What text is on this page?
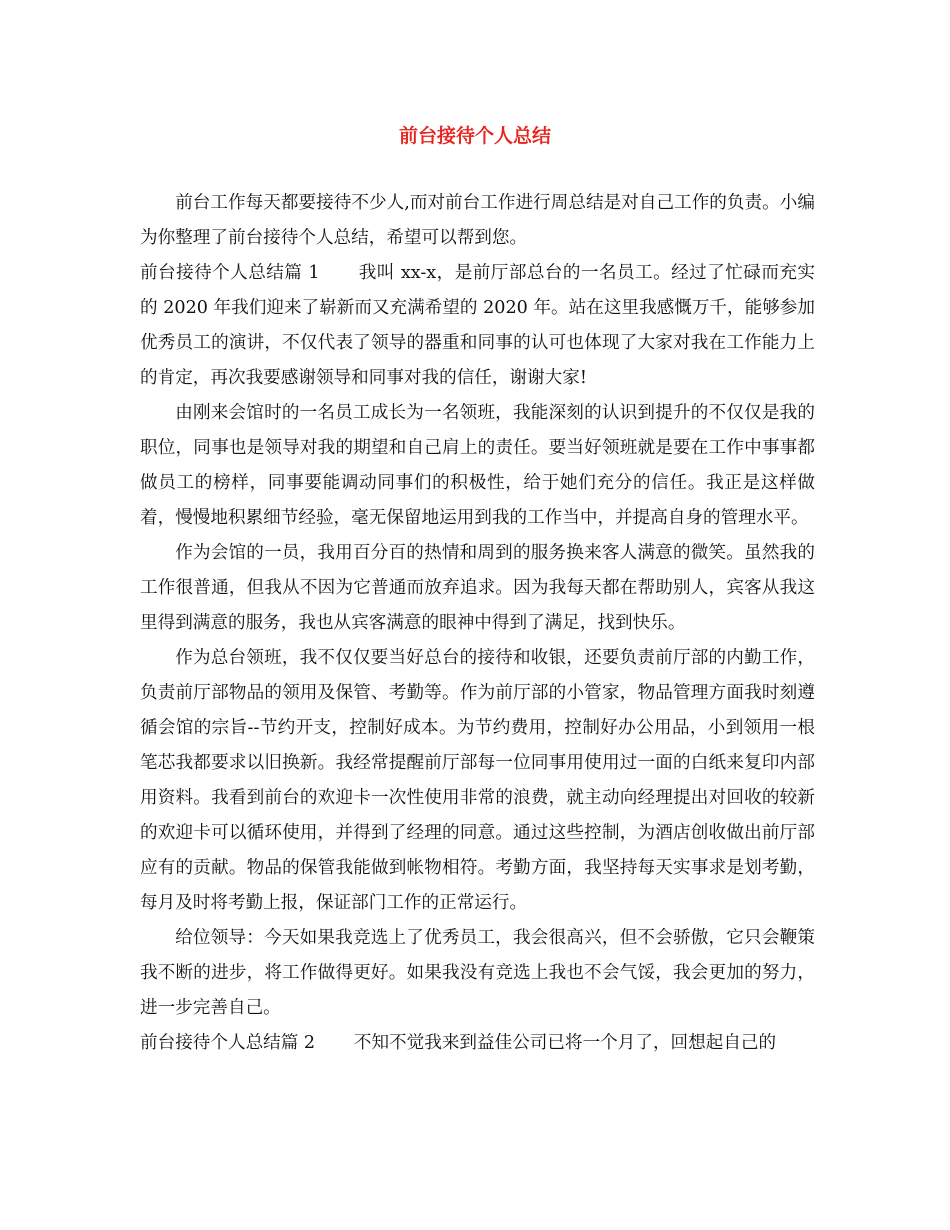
前台接待个人总结

前台工作每天都要接待不少人,而对前台工作进行周总结是对自己工作的负责。小编为你整理了前台接待个人总结，希望可以帮到您。

前台接待个人总结篇 1 我叫 xx-x，是前厅部总台的一名员工。经过了忙碌而充实的 2020 年我们迎来了崭新而又充满希望的 2020 年。站在这里我感慨万千，能够参加优秀员工的演讲，不仅代表了领导的器重和同事的认可也体现了大家对我在工作能力上的肯定，再次我要感谢领导和同事对我的信任，谢谢大家!

由刚来会馆时的一名员工成长为一名领班，我能深刻的认识到提升的不仅仅是我的职位，同事也是领导对我的期望和自己肩上的责任。要当好领班就是要在工作中事事都做员工的榜样，同事要能调动同事们的积极性，给于她们充分的信任。我正是这样做着，慢慢地积累细节经验，毫无保留地运用到我的工作当中，并提高自身的管理水平。

作为会馆的一员，我用百分百的热情和周到的服务换来客人满意的微笑。虽然我的工作很普通，但我从不因为它普通而放弃追求。因为我每天都在帮助别人，宾客从我这里得到满意的服务，我也从宾客满意的眼神中得到了满足，找到快乐。

作为总台领班，我不仅仅要当好总台的接待和收银，还要负责前厅部的内勤工作，负责前厅部物品的领用及保管、考勤等。作为前厅部的小管家，物品管理方面我时刻遵循会馆的宗旨--节约开支，控制好成本。为节约费用，控制好办公用品，小到领用一根笔芯我都要求以旧换新。我经常提醒前厅部每一位同事用使用过一面的白纸来复印内部用资料。我看到前台的欢迎卡一次性使用非常的浪费，就主动向经理提出对回收的较新的欢迎卡可以循环使用，并得到了经理的同意。通过这些控制，为酒店创收做出前厅部应有的贡献。物品的保管我能做到帐物相符。考勤方面，我坚持每天实事求是划考勤，每月及时将考勤上报，保证部门工作的正常运行。

给位领导：今天如果我竞选上了优秀员工，我会很高兴，但不会骄傲，它只会鞭策我不断的进步，将工作做得更好。如果我没有竞选上我也不会气馁，我会更加的努力，进一步完善自己。

前台接待个人总结篇 2 不知不觉我来到益佳公司已将一个月了，回想起自己的
